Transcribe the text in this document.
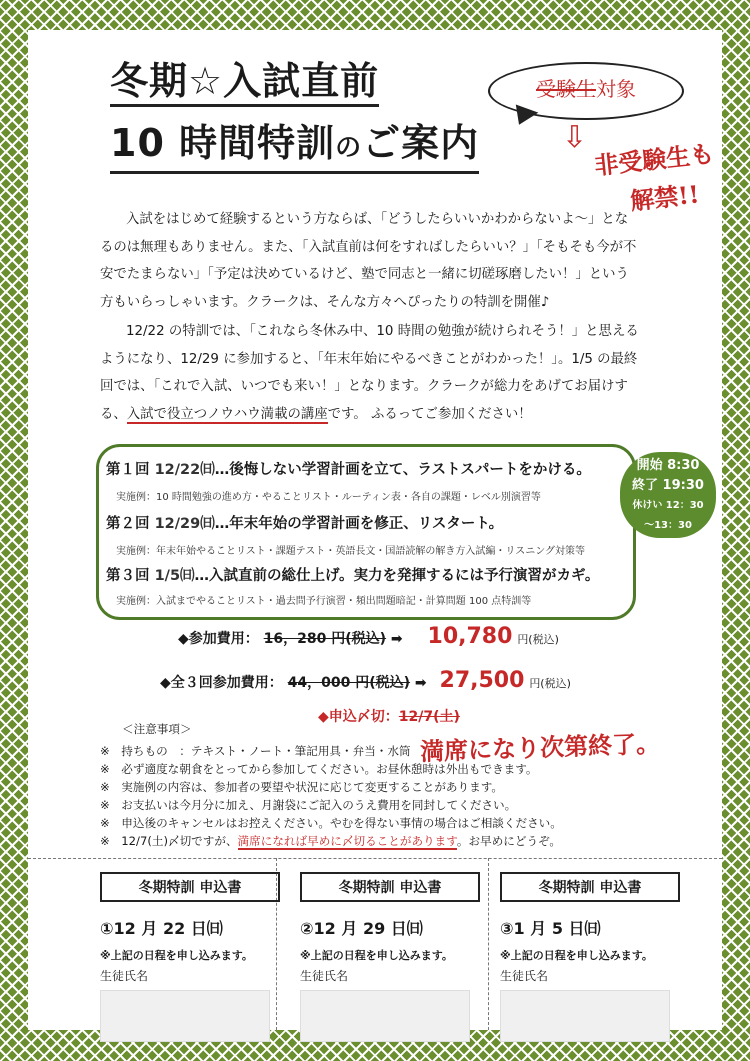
冬期☆入試直前
10 時間特訓のご案内
受験生対象
⇩
非受験生も
解禁!!
入試をはじめて経験するという方ならば、「どうしたらいいかわからないよ〜」となるのは無理もありません。また、「入試直前は何をすればしたらいい？」「そもそも今が不安でたまらない」「予定は決めているけど、塾で同志と一緒に切磋琢磨したい！」という方もいらっしゃいます。クラークは、そんな方々へぴったりの特訓を開催♪
12/22 の特訓では、「これなら冬休み中、10 時間の勉強が続けられそう！」と思えるようになり、12/29 に参加すると、「年末年始にやるべきことがわかった！」。1/5 の最終回では、「これで入試、いつでも来い！」となります。クラークが総力をあげてお届けする、入試で役立つノウハウ満載の講座です。 ふるってご参加ください！
第１回 12/22㈰…後悔しない学習計画を立て、ラストスパートをかける。
実施例：10 時間勉強の進め方・やることリスト・ルーティン表・各自の課題・レベル別演習等
第２回 12/29㈰…年末年始の学習計画を修正、リスタート。
実施例：年末年始やることリスト・課題テスト・英語長文・国語読解の解き方入試編・リスニング対策等
第３回 1/5㈰…入試直前の総仕上げ。実力を発揮するには予行演習がカギ。
実施例：入試までやることリスト・過去問予行演習・頻出問題暗記・計算問題 100 点特訓等
開始 8:30
終了 19:30
休けい 12：30
〜13：30
◆参加費用： 16，280 円(税込) ➡ 10,780 円(税込)
◆全３回参加費用： 44，000 円(税込) ➡ 27,500 円(税込)
◆申込〆切：12/7(土)
満席になり次第終了。
＜注意事項＞
※　持ちもの　：テキスト・ノート・筆記用具・弁当・水筒
※　必ず適度な朝食をとってから参加してください。お昼休憩時は外出もできます。
※　実施例の内容は、参加者の要望や状況に応じて変更することがあります。
※　お支払いは今月分に加え、月謝袋にご記入のうえ費用を同封してください。
※　申込後のキャンセルはお控えください。やむを得ない事情の場合はご相談ください。
※　12/7(土)〆切ですが、満席になれば早めに〆切ることがあります。お早めにどうぞ。
冬期特訓 申込書
①12 月 22 日㈰
※上記の日程を申し込みます。
生徒氏名
冬期特訓 申込書
②12 月 29 日㈰
※上記の日程を申し込みます。
生徒氏名
冬期特訓 申込書
③1 月 5 日㈰
※上記の日程を申し込みます。
生徒氏名
